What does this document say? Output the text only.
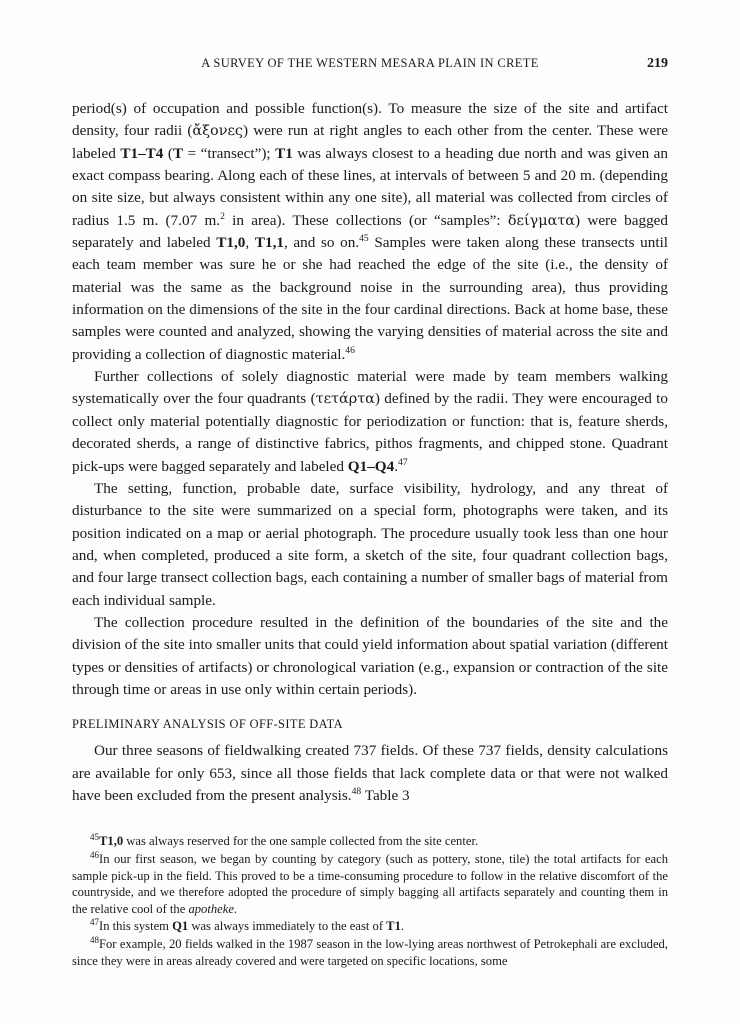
A SURVEY OF THE WESTERN MESARA PLAIN IN CRETE	219

period(s) of occupation and possible function(s). To measure the size of the site and artifact density, four radii (ἄξονες) were run at right angles to each other from the center. These were labeled T1–T4 (T = “transect”); T1 was always closest to a heading due north and was given an exact compass bearing. Along each of these lines, at intervals of between 5 and 20 m. (depending on site size, but always consistent within any one site), all material was collected from circles of radius 1.5 m. (7.07 m.$^2$ in area). These collections (or “samples”: δείγματα) were bagged separately and labeled T1,0, T1,1, and so on.$^{45}$ Samples were taken along these transects until each team member was sure he or she had reached the edge of the site (i.e., the density of material was the same as the background noise in the surrounding area), thus providing information on the dimensions of the site in the four cardinal directions. Back at home base, these samples were counted and analyzed, showing the varying densities of material across the site and providing a collection of diagnostic material.$^{46}$

Further collections of solely diagnostic material were made by team members walking systematically over the four quadrants (τετάρτα) defined by the radii. They were encouraged to collect only material potentially diagnostic for periodization or function: that is, feature sherds, decorated sherds, a range of distinctive fabrics, pithos fragments, and chipped stone. Quadrant pick-ups were bagged separately and labeled Q1–Q4.47

The setting, function, probable date, surface visibility, hydrology, and any threat of disturbance to the site were summarized on a special form, photographs were taken, and its position indicated on a map or aerial photograph. The procedure usually took less than one hour and, when completed, produced a site form, a sketch of the site, four quadrant collection bags, and four large transect collection bags, each containing a number of smaller bags of material from each individual sample.

The collection procedure resulted in the definition of the boundaries of the site and the division of the site into smaller units that could yield information about spatial variation (different types or densities of artifacts) or chronological variation (e.g., expansion or contraction of the site through time or areas in use only within certain periods).

PRELIMINARY ANALYSIS OF OFF-SITE DATA

Our three seasons of fieldwalking created 737 fields. Of these 737 fields, density calculations are available for only 653, since all those fields that lack complete data or that were not walked have been excluded from the present analysis.$^{48}$ Table 3

$^{45}$T1,0 was always reserved for the one sample collected from the site center.

$^{46}$In our first season, we began by counting by category (such as pottery, stone, tile) the total artifacts for each sample pick-up in the field. This proved to be a time-consuming procedure to follow in the relative discomfort of the countryside, and we therefore adopted the procedure of simply bagging all artifacts separately and counting them in the relative cool of the apotheke.

$^{47}$In this system Q1 was always immediately to the east of T1.

$^{48}$For example, 20 fields walked in the 1987 season in the low-lying areas northwest of Petrokephali are excluded, since they were in areas already covered and were targeted on specific locations, some
